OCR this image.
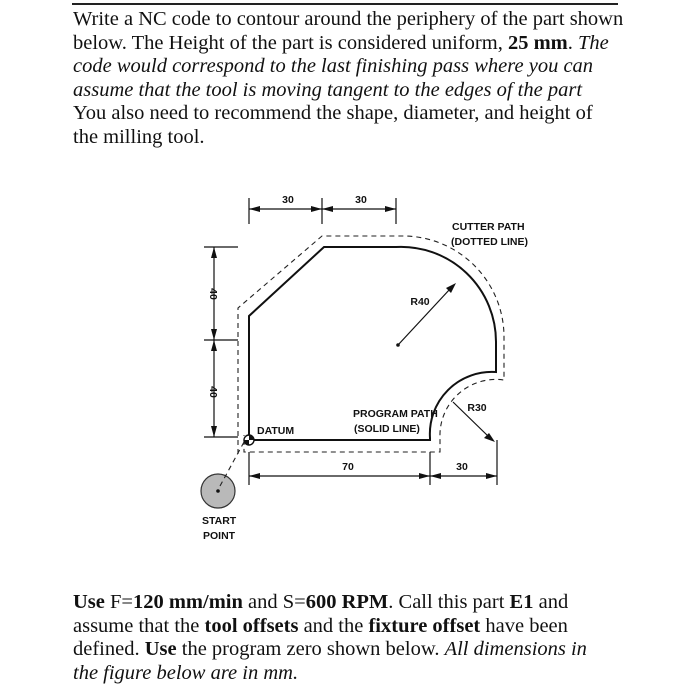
Write a NC code to contour around the periphery of the part shown
below. The Height of the part is considered uniform, 25 mm. The
code would correspond to the last finishing pass where you can
assume that the tool is moving tangent to the edges of the part
You also need to recommend the shape, diameter, and height of
the milling tool.
30	30
40
40
70	30
R40
R30
CUTTER PATH
(DOTTED LINE)
PROGRAM PATH
(SOLID LINE)
DATUM
START
POINT
Use F=120 mm/min and S=600 RPM. Call this part E1 and
assume that the tool offsets and the fixture offset have been
defined. Use the program zero shown below. All dimensions in
the figure below are in mm.
